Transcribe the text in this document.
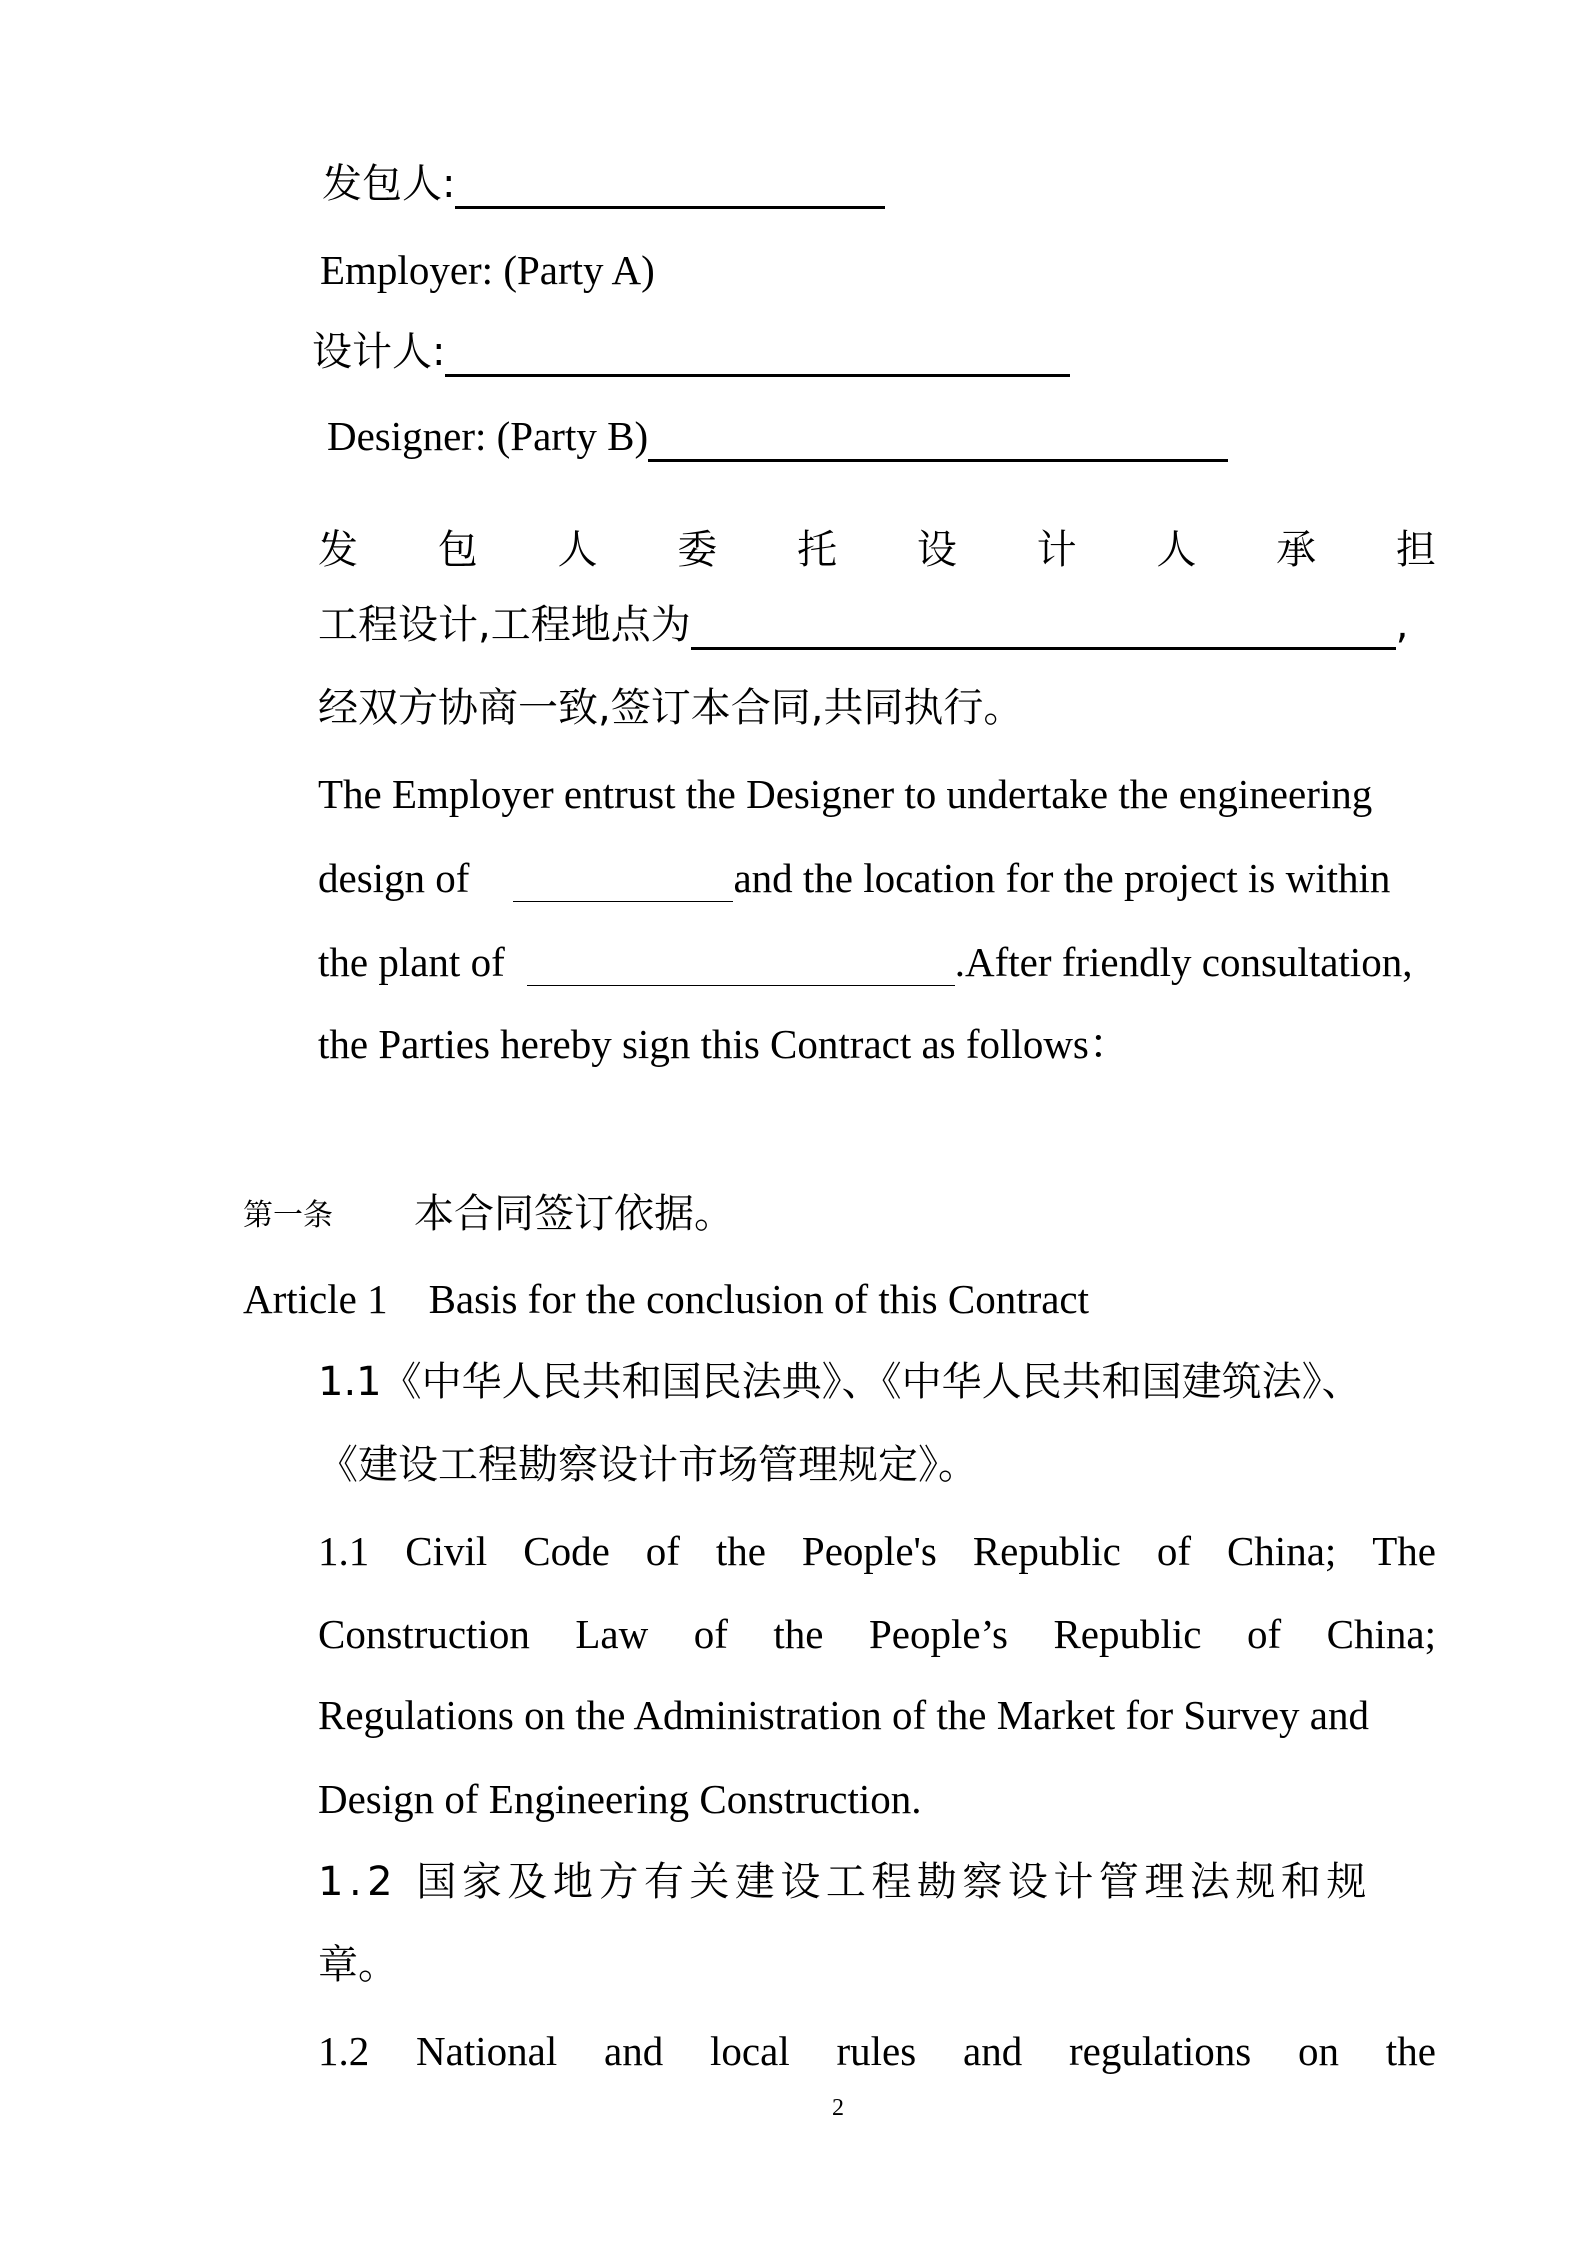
发包人:
Employer: (Party A)
设计人:
Designer: (Party B)
发 包 人 委 托 设 计 人 承 担
工程设计,工程地点为	,
经双方协商一致,签订本合同,共同执行。
The Employer entrust the Designer to undertake the engineering
design of	and the location for the project is within
the plant of	.After friendly consultation,
the Parties hereby sign this Contract as follows：
第一条 本合同签订依据。
Article 1    Basis for the conclusion of this Contract
1.1《中华人民共和国民法典》、《中华人民共和国建筑法》、
《建设工程勘察设计市场管理规定》。
1.1 Civil Code of the People's Republic of China; The
Construction Law of the People’s Republic of China;
Regulations on the Administration of the Market for Survey and
Design of Engineering Construction.
1.2 国家及地方有关建设工程勘察设计管理法规和规
章。
1.2 National and local rules and regulations on the
2
